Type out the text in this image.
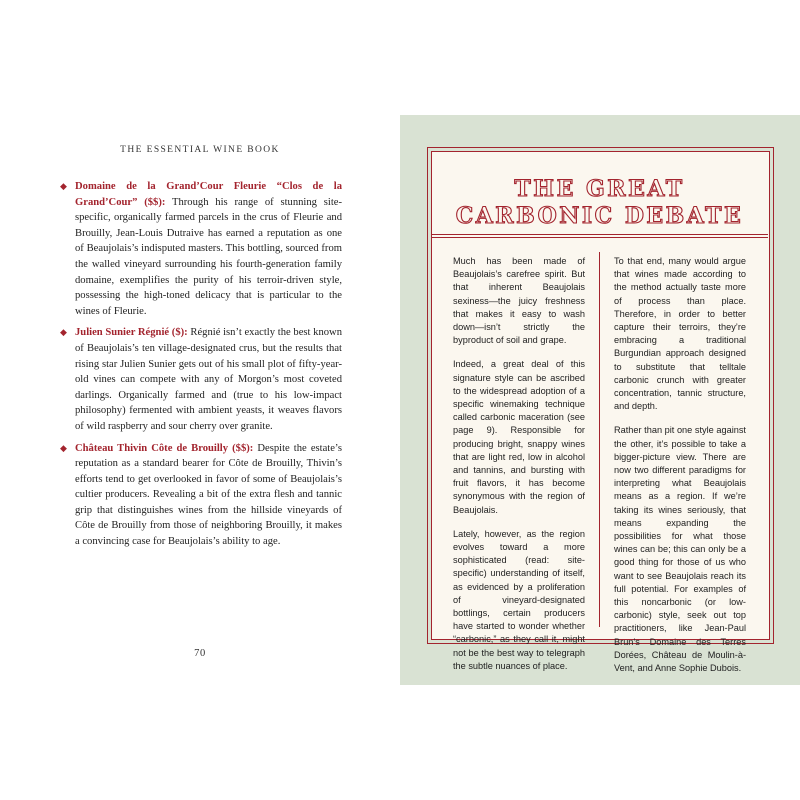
THE ESSENTIAL WINE BOOK
◆ Domaine de la Grand’Cour Fleurie “Clos de la Grand’Cour” ($$): Through his range of stunning site-specific, organically farmed parcels in the crus of Fleurie and Brouilly, Jean-Louis Dutraive has earned a reputation as one of Beaujolais’s indisputed masters. This bottling, sourced from the walled vineyard surrounding his fourth-generation family domaine, exemplifies the purity of his terroir-driven style, possessing the high-toned delicacy that is particular to the wines of Fleurie.
◆ Julien Sunier Régnié ($): Régnié isn’t exactly the best known of Beaujolais’s ten village-designated crus, but the results that rising star Julien Sunier gets out of his small plot of fifty-year-old vines can compete with any of Morgon’s most coveted darlings. Organically farmed and (true to his low-impact philosophy) fermented with ambient yeasts, it weaves flavors of wild raspberry and sour cherry over granite.
◆ Château Thivin Côte de Brouilly ($$): Despite the estate’s reputation as a standard bearer for Côte de Brouilly, Thivin’s efforts tend to get overlooked in favor of some of Beaujolais’s cultier producers. Revealing a bit of the extra flesh and tannic grip that distinguishes wines from the hillside vineyards of Côte de Brouilly from those of neighboring Brouilly, it makes a convincing case for Beaujolais’s ability to age.
70
THE GREAT
CARBONIC DEBATE

Much has been made of Beaujolais’s carefree spirit. But that inherent Beaujolais sexiness—the juicy freshness that makes it easy to wash down—isn’t strictly the byproduct of soil and grape.

Indeed, a great deal of this signature style can be ascribed to the widespread adoption of a specific winemaking technique called carbonic maceration (see page 9). Responsible for producing bright, snappy wines that are light red, low in alcohol and tannins, and bursting with fruit flavors, it has become synonymous with the region of Beaujolais.

Lately, however, as the region evolves toward a more sophisticated (read: site-specific) understanding of itself, as evidenced by a proliferation of vineyard-designated bottlings, certain producers have started to wonder whether “carbonic,” as they call it, might not be the best way to telegraph the subtle nuances of place.

To that end, many would argue that wines made according to the method actually taste more of process than place. Therefore, in order to better capture their terroirs, they’re embracing a traditional Burgundian approach designed to substitute that telltale carbonic crunch with greater concentration, tannic structure, and depth.

Rather than pit one style against the other, it’s possible to take a bigger-picture view. There are now two different paradigms for interpreting what Beaujolais means as a region. If we’re taking its wines seriously, that means expanding the possibilities for what those wines can be; this can only be a good thing for those of us who want to see Beaujolais reach its full potential. For examples of this noncarbonic (or low-carbonic) style, seek out top practitioners, like Jean-Paul Brun’s Domaine des Terres Dorées, Château de Moulin-à-Vent, and Anne Sophie Dubois.
